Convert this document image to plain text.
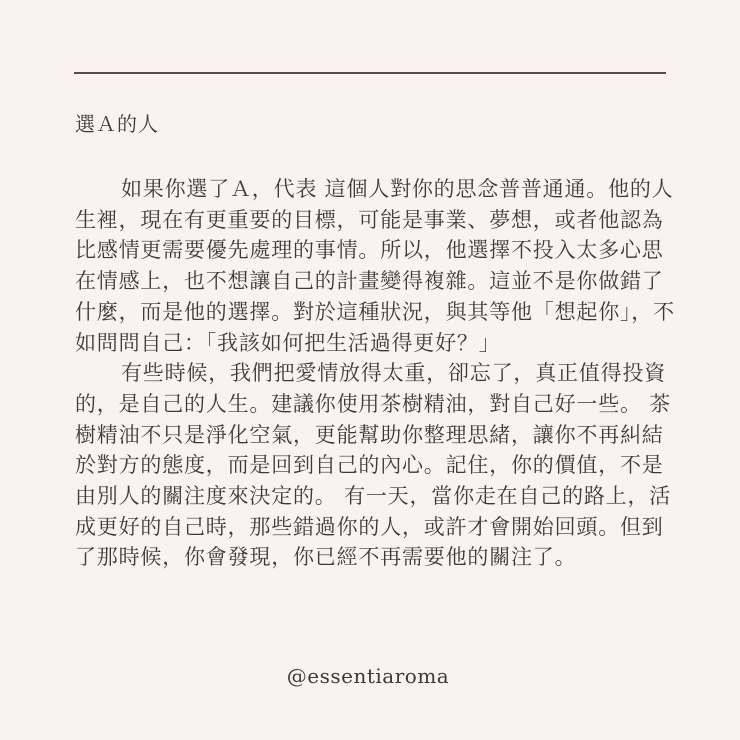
選Ａ的人

如果你選了Ａ，代表 這個人對你的思念普普通通。他的人生裡，現在有更重要的目標，可能是事業、夢想，或者他認為比感情更需要優先處理的事情。所以，他選擇不投入太多心思在情感上，也不想讓自己的計畫變得複雜。這並不是你做錯了什麼，而是他的選擇。對於這種狀況，與其等他「想起你」，不如問問自己：「我該如何把生活過得更好？」

有些時候，我們把愛情放得太重，卻忘了，真正值得投資的，是自己的人生。建議你使用茶樹精油，對自己好一些。 茶樹精油不只是淨化空氣，更能幫助你整理思緒，讓你不再糾結於對方的態度，而是回到自己的內心。記住，你的價值，不是由別人的關注度來決定的。 有一天，當你走在自己的路上，活成更好的自己時，那些錯過你的人，或許才會開始回頭。但到了那時候，你會發現，你已經不再需要他的關注了。

@essentiaroma
